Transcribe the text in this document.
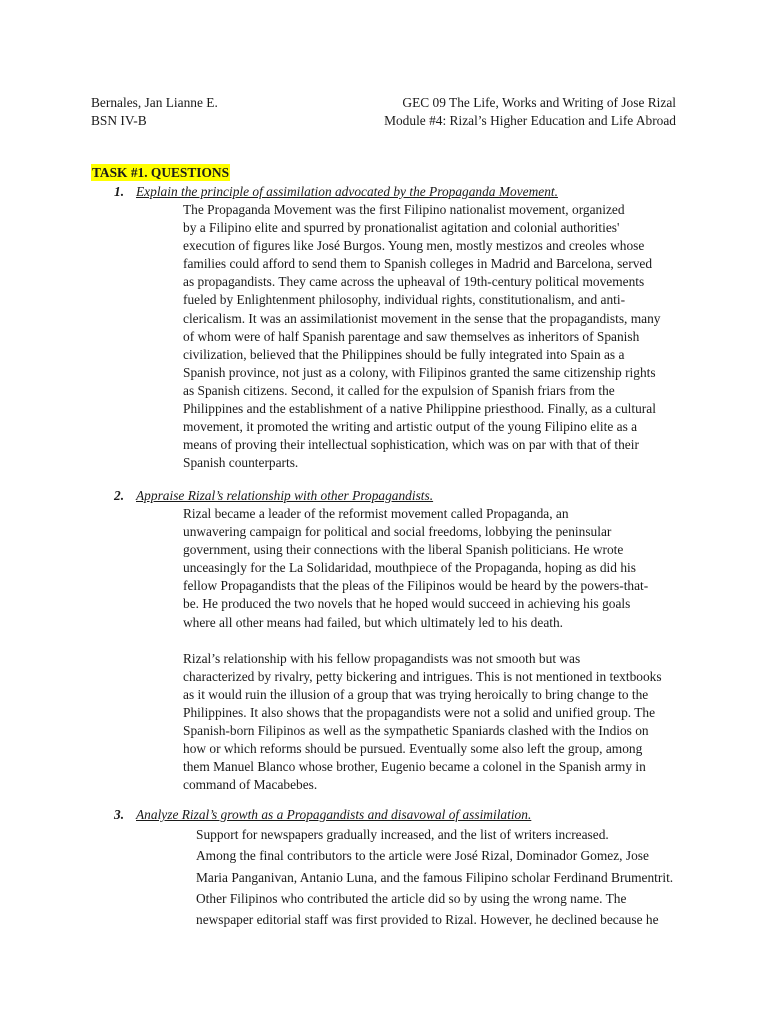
Bernales, Jan Lianne E.
BSN IV-B
GEC 09 The Life, Works and Writing of Jose Rizal
Module #4: Rizal’s Higher Education and Life Abroad
TASK #1. QUESTIONS
1. Explain the principle of assimilation advocated by the Propaganda Movement.

The Propaganda Movement was the first Filipino nationalist movement, organized
by a Filipino elite and spurred by pronationalist agitation and colonial authorities'
execution of figures like José Burgos. Young men, mostly mestizos and creoles whose
families could afford to send them to Spanish colleges in Madrid and Barcelona, served
as propagandists. They came across the upheaval of 19th-century political movements
fueled by Enlightenment philosophy, individual rights, constitutionalism, and anti-
clericalism. It was an assimilationist movement in the sense that the propagandists, many
of whom were of half Spanish parentage and saw themselves as inheritors of Spanish
civilization, believed that the Philippines should be fully integrated into Spain as a
Spanish province, not just as a colony, with Filipinos granted the same citizenship rights
as Spanish citizens. Second, it called for the expulsion of Spanish friars from the
Philippines and the establishment of a native Philippine priesthood. Finally, as a cultural
movement, it promoted the writing and artistic output of the young Filipino elite as a
means of proving their intellectual sophistication, which was on par with that of their
Spanish counterparts.

2. Appraise Rizal’s relationship with other Propagandists.

Rizal became a leader of the reformist movement called Propaganda, an
unwavering campaign for political and social freedoms, lobbying the peninsular
government, using their connections with the liberal Spanish politicians. He wrote
unceasingly for the La Solidaridad, mouthpiece of the Propaganda, hoping as did his
fellow Propagandists that the pleas of the Filipinos would be heard by the powers-that-
be. He produced the two novels that he hoped would succeed in achieving his goals
where all other means had failed, but which ultimately led to his death.

Rizal’s relationship with his fellow propagandists was not smooth but was
characterized by rivalry, petty bickering and intrigues. This is not mentioned in textbooks
as it would ruin the illusion of a group that was trying heroically to bring change to the
Philippines. It also shows that the propagandists were not a solid and unified group. The
Spanish-born Filipinos as well as the sympathetic Spaniards clashed with the Indios on
how or which reforms should be pursued. Eventually some also left the group, among
them Manuel Blanco whose brother, Eugenio became a colonel in the Spanish army in
command of Macabebes.

3. Analyze Rizal’s growth as a Propagandists and disavowal of assimilation.

Support for newspapers gradually increased, and the list of writers increased.
Among the final contributors to the article were José Rizal, Dominador Gomez, Jose
Maria Panganivan, Antanio Luna, and the famous Filipino scholar Ferdinand Brumentrit.
Other Filipinos who contributed the article did so by using the wrong name. The
newspaper editorial staff was first provided to Rizal. However, he declined because he
